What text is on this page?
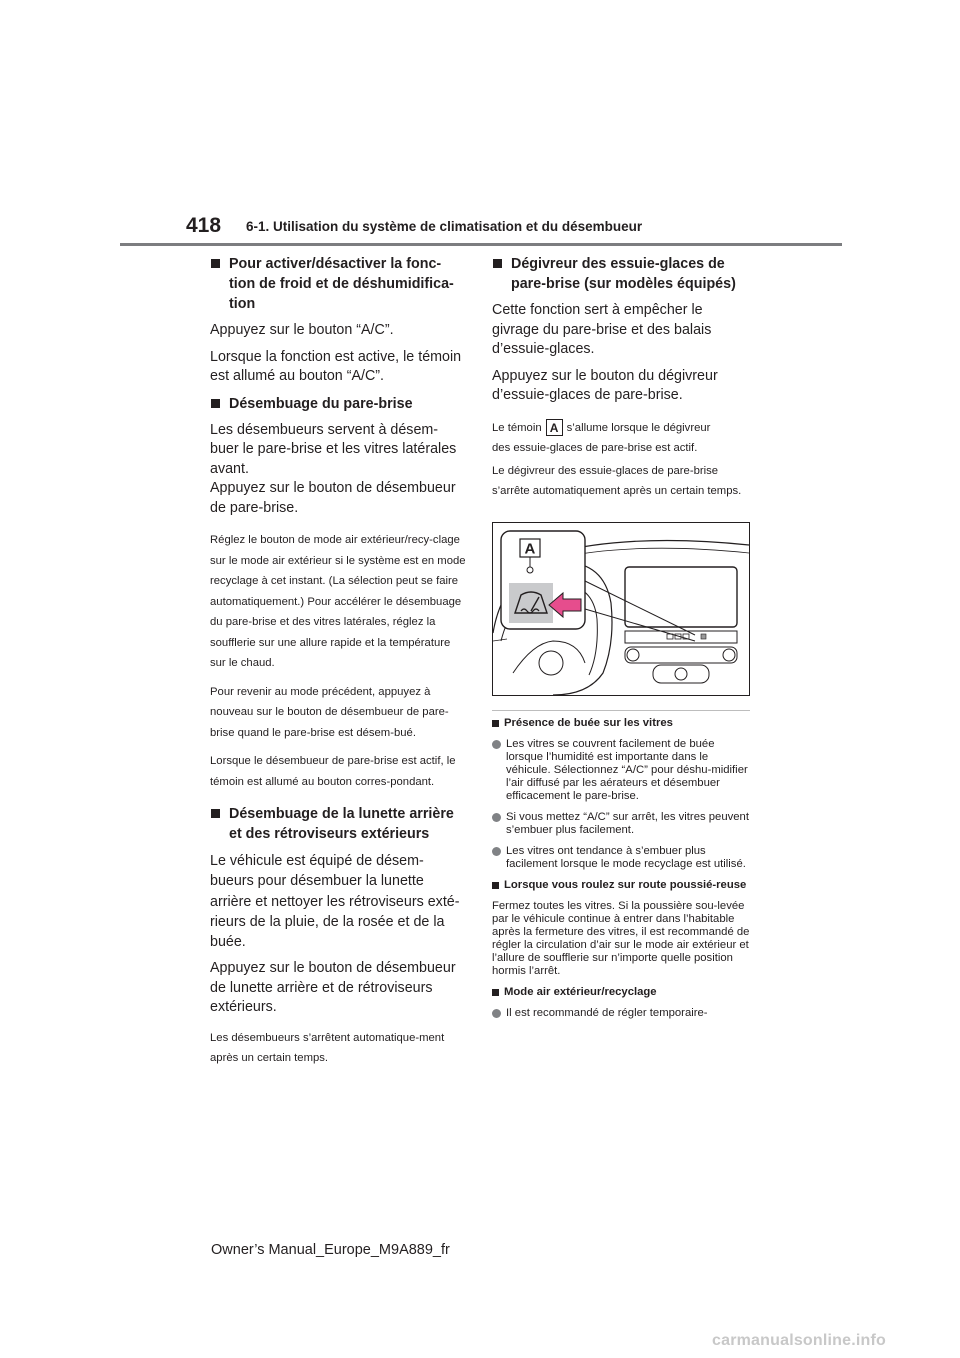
418 6-1. Utilisation du système de climatisation et du désembueur
Pour activer/désactiver la fonc-tion de froid et de déshumidifica-tion
Appuyez sur le bouton “A/C”.
Lorsque la fonction est active, le témoin est allumé au bouton “A/C”.
Désembuage du pare-brise
Les désembueurs servent à désem-buer le pare-brise et les vitres latérales avant.
Appuyez sur le bouton de désembueur de pare-brise.
Réglez le bouton de mode air extérieur/recy-clage sur le mode air extérieur si le système est en mode recyclage à cet instant. (La sélection peut se faire automatiquement.) Pour accélérer le désembuage du pare-brise et des vitres latérales, réglez la soufflerie sur une allure rapide et la température sur le chaud.
Pour revenir au mode précédent, appuyez à nouveau sur le bouton de désembueur de pare-brise quand le pare-brise est désem-bué.
Lorsque le désembueur de pare-brise est actif, le témoin est allumé au bouton corres-pondant.
Désembuage de la lunette arrière et des rétroviseurs extérieurs
Le véhicule est équipé de désem-bueurs pour désembuer la lunette arrière et nettoyer les rétroviseurs exté-rieurs de la pluie, de la rosée et de la buée.
Appuyez sur le bouton de désembueur de lunette arrière et de rétroviseurs extérieurs.
Les désembueurs s’arrêtent automatique-ment après un certain temps.
Dégivreur des essuie-glaces de pare-brise (sur modèles équipés)
Cette fonction sert à empêcher le givrage du pare-brise et des balais d’essuie-glaces.
Appuyez sur le bouton du dégivreur d’essuie-glaces de pare-brise.
Le témoin A s’allume lorsque le dégivreur
des essuie-glaces de pare-brise est actif.
Le dégivreur des essuie-glaces de pare-brise s’arrête automatiquement après un certain temps.
A
Présence de buée sur les vitres
Les vitres se couvrent facilement de buée lorsque l’humidité est importante dans le véhicule. Sélectionnez “A/C” pour déshu-midifier l’air diffusé par les aérateurs et désembuer efficacement le pare-brise.
Si vous mettez “A/C” sur arrêt, les vitres peuvent s’embuer plus facilement.
Les vitres ont tendance à s’embuer plus facilement lorsque le mode recyclage est utilisé.
Lorsque vous roulez sur route poussié-reuse
Fermez toutes les vitres. Si la poussière sou-levée par le véhicule continue à entrer dans l’habitable après la fermeture des vitres, il est recommandé de régler la circulation d’air sur le mode air extérieur et l’allure de soufflerie sur n’importe quelle position hormis l’arrêt.
Mode air extérieur/recyclage
Il est recommandé de régler temporaire-
Owner’s Manual_Europe_M9A889_fr
carmanualsonline.info
